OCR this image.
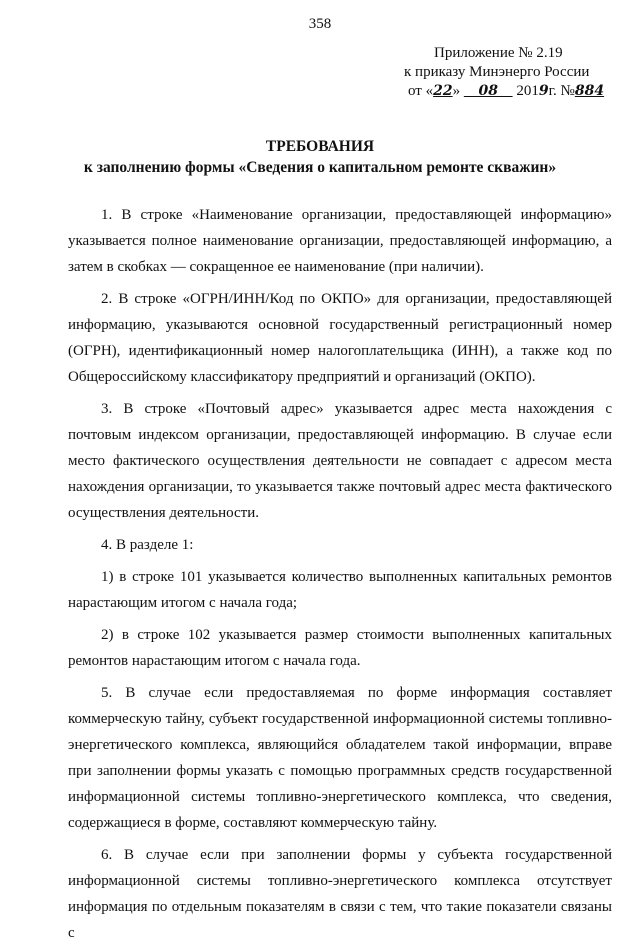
358
Приложение № 2.19
к приказу Минэнерго России
от «22» 08 2019г. №884
ТРЕБОВАНИЯ
к заполнению формы «Сведения о капитальном ремонте скважин»

1. В строке «Наименование организации, предоставляющей информацию» указывается полное наименование организации, предоставляющей информацию, а затем в скобках — сокращенное ее наименование (при наличии).

2. В строке «ОГРН/ИНН/Код по ОКПО» для организации, предоставляющей информацию, указываются основной государственный регистрационный номер (ОГРН), идентификационный номер налогоплательщика (ИНН), а также код по Общероссийскому классификатору предприятий и организаций (ОКПО).

3. В строке «Почтовый адрес» указывается адрес места нахождения с почтовым индексом организации, предоставляющей информацию. В случае если место фактического осуществления деятельности не совпадает с адресом места нахождения организации, то указывается также почтовый адрес места фактического осуществления деятельности.

4. В разделе 1:

1) в строке 101 указывается количество выполненных капитальных ремонтов нарастающим итогом с начала года;

2) в строке 102 указывается размер стоимости выполненных капитальных ремонтов нарастающим итогом с начала года.

5. В случае если предоставляемая по форме информация составляет коммерческую тайну, субъект государственной информационной системы топливно-энергетического комплекса, являющийся обладателем такой информации, вправе при заполнении формы указать с помощью программных средств государственной информационной системы топливно-энергетического комплекса, что сведения, содержащиеся в форме, составляют коммерческую тайну.

6. В случае если при заполнении формы у субъекта государственной информационной системы топливно-энергетического комплекса отсутствует информация по отдельным показателям в связи с тем, что такие показатели связаны с
